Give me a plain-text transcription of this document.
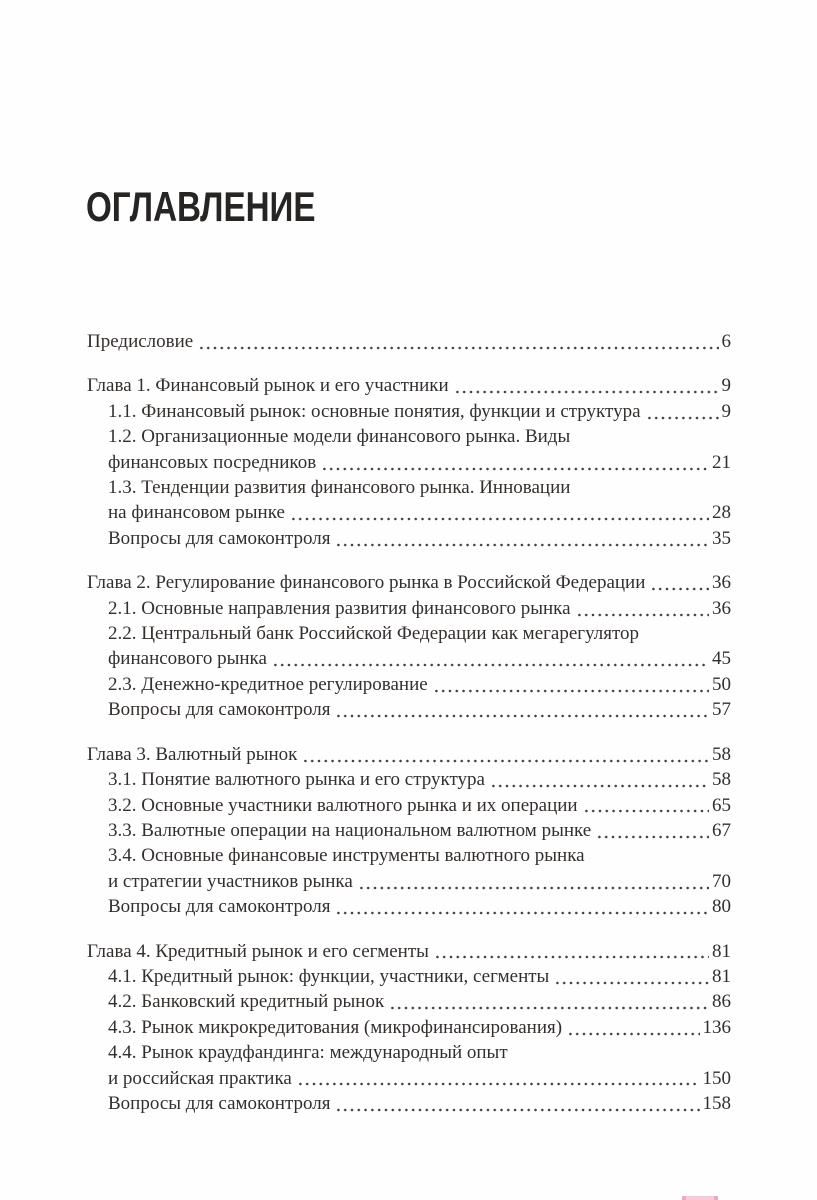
ОГЛАВЛЕНИЕ
Предисловие	6
Глава 1. Финансовый рынок и его участники	9
1.1. Финансовый рынок: основные понятия, функции и структура	9
1.2. Организационные модели финансового рынка. Виды
финансовых посредников	21
1.3. Тенденции развития финансового рынка. Инновации
на финансовом рынке	28
Вопросы для самоконтроля	35
Глава 2. Регулирование финансового рынка в Российской Федерации	36
2.1. Основные направления развития финансового рынка	36
2.2. Центральный банк Российской Федерации как мегарегулятор
финансового рынка	45
2.3. Денежно-кредитное регулирование	50
Вопросы для самоконтроля	57
Глава 3. Валютный рынок	58
3.1. Понятие валютного рынка и его структура	58
3.2. Основные участники валютного рынка и их операции	65
3.3. Валютные операции на национальном валютном рынке	67
3.4. Основные финансовые инструменты валютного рынка
и стратегии участников рынка	70
Вопросы для самоконтроля	80
Глава 4. Кредитный рынок и его сегменты	81
4.1. Кредитный рынок: функции, участники, сегменты	81
4.2. Банковский кредитный рынок	86
4.3. Рынок микрокредитования (микрофинансирования)	136
4.4. Рынок краудфандинга: международный опыт
и российская практика	150
Вопросы для самоконтроля	158
